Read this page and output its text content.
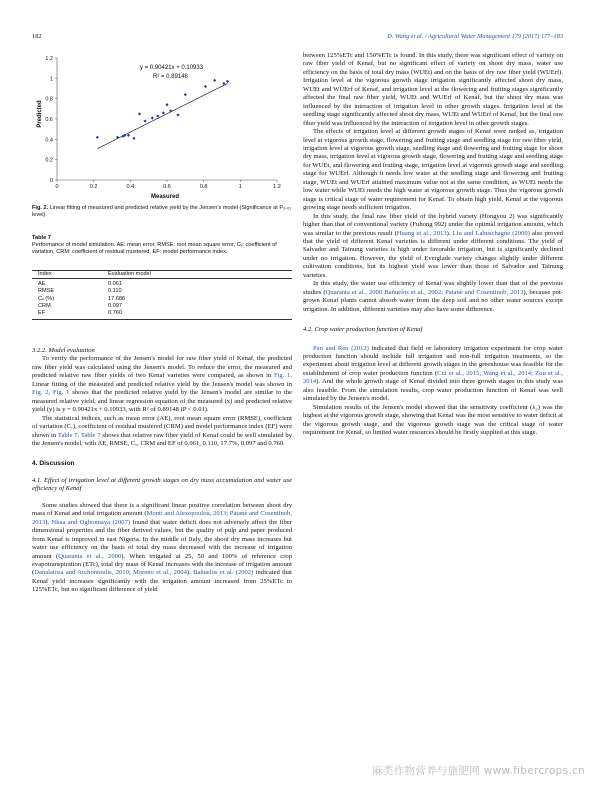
182	D. Wang et al. / Agricultural Water Management 179 (2017) 177–183
0	0.2	0.4	0.6	0.8	1	1.2
0
0.2
0.4
0.6
0.8
1
1.2
y = 0.90421x + 0.10933
R² = 0.89148
Measured
Predicted
Fig. 2. Linear fitting of measured and predicted relative yield by the Jensen's model (Significance at P₀.₀₁ level).
Table 7
Performance of model simulation. AE: mean error, RMSE: root mean square error, Cᵥ: coefficient of variation, CRM: coefficient of residual mustered, EF: model performance index.
Index	Evaluation model
AE	0.061
RMSE	0.110
Cᵥ (%)	17.686
CRM	0.097
EF	0.760
3.2.2. Model evaluation

To verify the performance of the Jensen's model for raw fiber yield of Kenaf, the predicted raw fiber yield was calculated using the Jensen's model. To reduce the error, the measured and predicted relative raw fiber yields of two Kenaf varieties were compared, as shown in Fig. 1. Linear fitting of the measured and predicted relative yield by the Jensen's model was shown in Fig. 2, Fig. 1 shows that the predicted relative yield by the Jensen's model are similar to the measured relative yield, and linear regression equation of the measured (x) and predicted relative yield (y) is y = 0.90421x + 0.10933, with R² of 0.89148 (P < 0.01).

The statistical indices, such as mean error (AE), root mean square error (RMSE), coefficient of variation (Cᵥ), coefficient of residual mustered (CRM) and model performance index (EF) were shown in Table 7. Table 7 shows that relative raw fiber yield of Kenaf could be well simulated by the Jensen's model, with AE, RMSE, Cᵥ, CRM and EF of 0.061, 0.110, 17.7%, 0.097 and 0.760.

4. Discussion
4.1. Effect of irrigation level at different growth stages on dry mass accumulation and water use efficiency of Kenaf

Some studies showed that there is a significant linear positive correlation between shoot dry mass of Kenaf and total irrigation amount (Monti and Alexopoulou, 2013; Patanè and Cosentinob, 2013). Nkaa and Ogbonnaya (2007) found that water deficit does not adversely affect the fiber dimensional properties and the fiber derived values, but the quality of pulp and paper produced from Kenaf is improved in east Nigeria. In the middle of Italy, the shoot dry mass increases but water use efficiency on the basis of total dry mass decreased with the increase of irrigation amount (Quaranta et al., 2000). When irrigated at 25, 50 and 100% of reference crop evapotranspiration (ETc), total dry mass of Kenaf increases with the increase of irrigation amount (Danalatosa and Archontoulis, 2010; Moreno et al., 2004). Bañuelos et al. (2002) indicated that Kenaf yield increases significantly with the irrigation amount increased from 25%ETc to 125%ETc, but no significant difference of yield

between 125%ETc and 150%ETc is found. In this study, there was significant effect of variety on raw fiber yield of Kenaf, but no significant effect of variety on shoot dry mass, water use efficiency on the basis of total dry mass (WUEt) and on the basis of dry raw fiber yield (WUErf). Irrigation level at the vigorous growth stage irrigation significantly affected shoot dry mass, WUEt and WUErf of Kenaf, and irrigation level at the flowering and fruiting stages significantly affected the final raw fiber yield, WUEt and WUErf of Kenaf, but the shoot dry mass was influenced by the interaction of irrigation level in other growth stages. Irrigation level at the seedling stage significantly affected shoot dry mass, WUEt and WUErf of Kenaf, but the final raw fiber yield was influenced by the interaction of irrigation level in other growth stages.

The effects of irrigation level at different growth stages of Kenaf were ranked as, irrigation level at vigorous growth stage, flowering and fruiting stage and seedling stage for raw fiber yield, irrigation level at vigorous growth stage, seedling stage and flowering and fruiting stage for shoot dry mass, irrigation level at vigorous growth stage, flowering and fruiting stage and seedling stage for WUEt, and flowering and fruiting stage, irrigation level at vigorous growth stage and seedling stage for WUErf. Although it needs low water at the seedling stage and flowering and fruiting stage, WUEt and WUErf attained maximum value not at the same condition, as WUEt needs the low water while WUEt needs the high water at vigorous growth stage. Thus the vigorous growth stage is critical stage of water requirement for Kenaf. To obtain high yield, Kenaf at the vigorous growing stage needs sufficient irrigation.

In this study, the final raw fiber yield of the hybrid variety (Hongyou 2) was significantly higher than that of conventional variety (Fuhong 992) under the optimal irrigation amount, which was similar to the previous result (Huang et al., 2013). Liu and Labuschagne (2009) also proved that the yield of different Kenaf varieties is different under different conditions. The yield of Salvador and Tainung varieties is high under favorable irrigation, but is significantly declined under no irrigation. However, the yield of Everglade variety changes slightly under different cultivation conditions, but its highest yield was lower than those of Salvador and Tainung varieties.

In this study, the water use efficiency of Kenaf was slightly lower than that of the previous studies (Quaranta et al., 2000 Bañuelos et al., 2002; Patanè and Cosentinob, 2013), because pot-grown Kenaf plants cannot absorb water from the deep soil and no other water sources except irrigation. In addition, different varieties may also have some difference.

4.2. Crop water production function of Kenaf

Pan and Ren (2012) indicated that field or laboratory irrigation experiment for crop water production function should include full irrigation and non-full irrigation treatments, so the experiment about irrigation level at different growth stages in the greenhouse was feasible for the establishment of crop water production function (Cui et al., 2015; Wang et al., 2014; Zou et al., 2014). And the whole growth stage of Kenaf divided into three growth stages in this study was also feasible. From the simulation results, crop water production function of Kenaf was well simulated by the Jensen's model.

Simulation results of the Jensen's model showed that the sensitivity coefficient (λ₂) was the highest at the vigorous growth stage, showing that Kenaf was the most sensitive to water deficit at the vigorous growth stage, and the vigorous growth stage was the critical stage of water requirement for Kenaf, so limited water resources should be firstly supplied at this stage.

麻类作物营养与施肥网 www.fibercrops.cn
